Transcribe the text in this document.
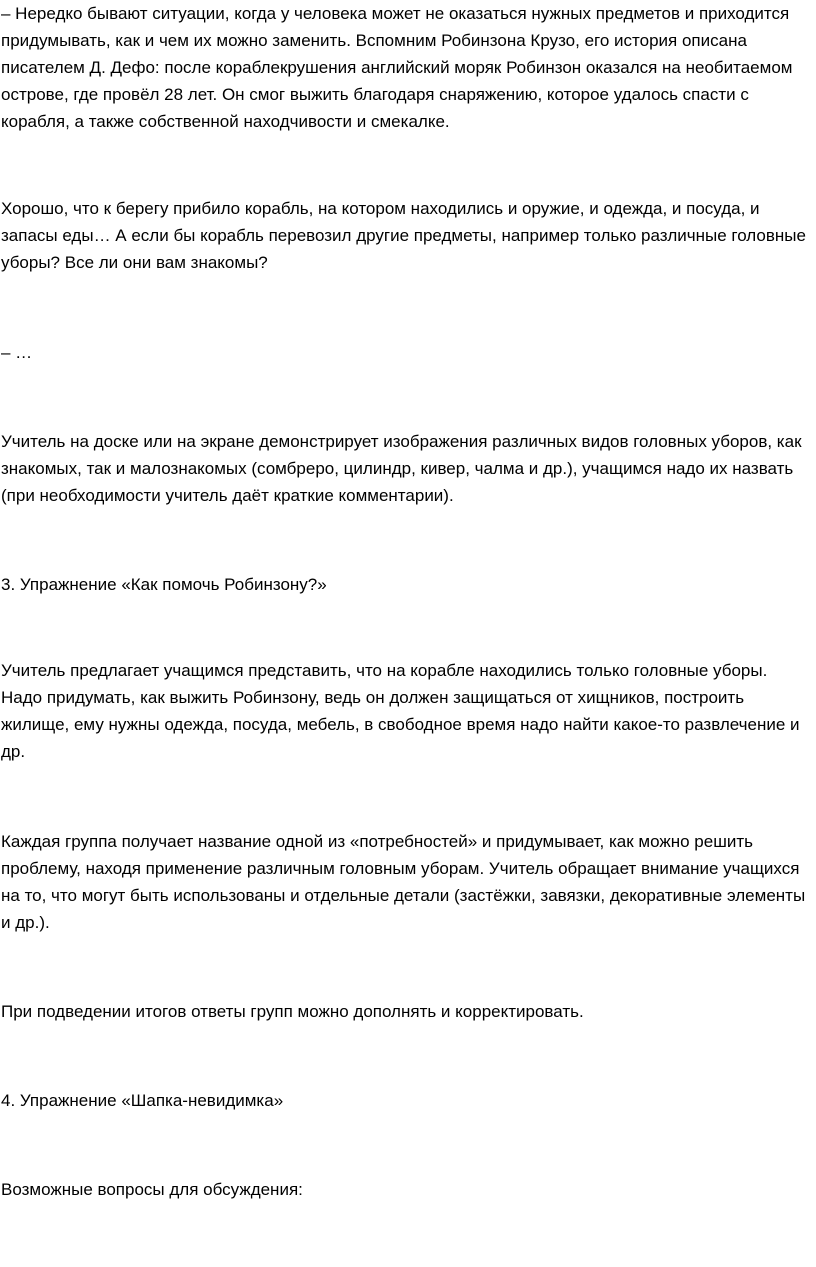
– Нередко бывают ситуации, когда у человека может не оказаться нужных предметов и приходится придумывать, как и чем их можно заменить. Вспомним Робинзона Крузо, его история описана писателем Д. Дефо: после кораблекрушения английский моряк Робинзон оказался на необитаемом острове, где провёл 28 лет. Он смог выжить благодаря снаряжению, которое удалось спасти с корабля, а также собственной находчивости и смекалке.

Хорошо, что к берегу прибило корабль, на котором находились и оружие, и одежда, и посуда, и запасы еды… А если бы корабль перевозил другие предметы, например только различные головные уборы? Все ли они вам знакомы?

– …

Учитель на доске или на экране демонстрирует изображения различных видов головных уборов, как знакомых, так и малознакомых (сомбреро, цилиндр, кивер, чалма и др.), учащимся надо их назвать (при необходимости учитель даёт краткие комментарии).

3. Упражнение «Как помочь Робинзону?»

Учитель предлагает учащимся представить, что на корабле находились только головные уборы. Надо придумать, как выжить Робинзону, ведь он должен защищаться от хищников, построить жилище, ему нужны одежда, посуда, мебель, в свободное время надо найти какое-то развлечение и др.

Каждая группа получает название одной из «потребностей» и придумывает, как можно решить проблему, находя применение различным головным уборам. Учитель обращает внимание учащихся на то, что могут быть использованы и отдельные детали (застёжки, завязки, декоративные элементы и др.).

При подведении итогов ответы групп можно дополнять и корректировать.

4. Упражнение «Шапка-невидимка»

Возможные вопросы для обсуждения:
